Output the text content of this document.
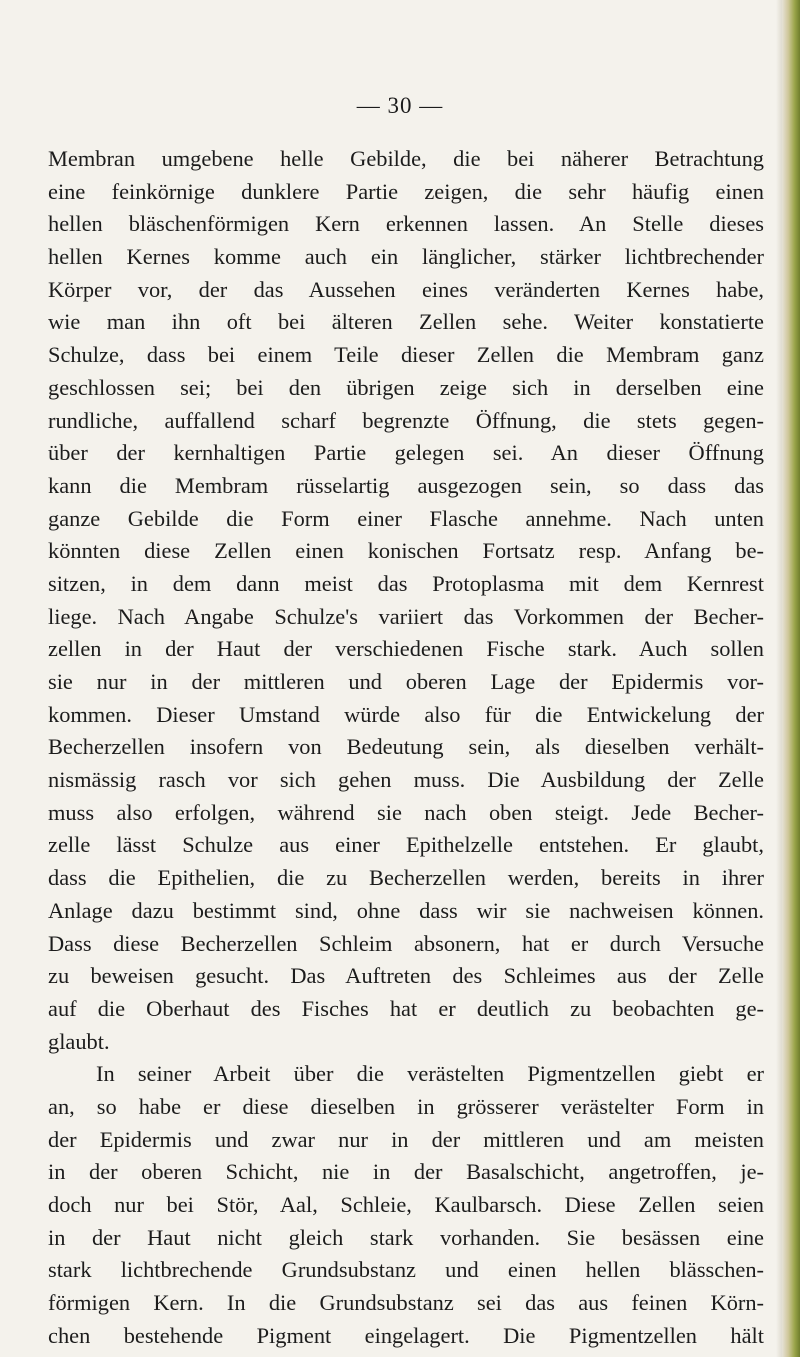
— 30 —
Membran umgebene helle Gebilde, die bei näherer Betrachtung
eine feinkörnige dunklere Partie zeigen, die sehr häufig einen
hellen bläschenförmigen Kern erkennen lassen. An Stelle dieses
hellen Kernes komme auch ein länglicher, stärker lichtbrechender
Körper vor, der das Aussehen eines veränderten Kernes habe,
wie man ihn oft bei älteren Zellen sehe. Weiter konstatierte
Schulze, dass bei einem Teile dieser Zellen die Membram ganz
geschlossen sei; bei den übrigen zeige sich in derselben eine
rundliche, auffallend scharf begrenzte Öffnung, die stets gegen-
über der kernhaltigen Partie gelegen sei. An dieser Öffnung
kann die Membram rüsselartig ausgezogen sein, so dass das
ganze Gebilde die Form einer Flasche annehme. Nach unten
könnten diese Zellen einen konischen Fortsatz resp. Anfang be-
sitzen, in dem dann meist das Protoplasma mit dem Kernrest
liege. Nach Angabe Schulze's variiert das Vorkommen der Becher-
zellen in der Haut der verschiedenen Fische stark. Auch sollen
sie nur in der mittleren und oberen Lage der Epidermis vor-
kommen. Dieser Umstand würde also für die Entwickelung der
Becherzellen insofern von Bedeutung sein, als dieselben verhält-
nismässig rasch vor sich gehen muss. Die Ausbildung der Zelle
muss also erfolgen, während sie nach oben steigt. Jede Becher-
zelle lässt Schulze aus einer Epithelzelle entstehen. Er glaubt,
dass die Epithelien, die zu Becherzellen werden, bereits in ihrer
Anlage dazu bestimmt sind, ohne dass wir sie nachweisen können.
Dass diese Becherzellen Schleim absonern, hat er durch Versuche
zu beweisen gesucht. Das Auftreten des Schleimes aus der Zelle
auf die Oberhaut des Fisches hat er deutlich zu beobachten ge-
glaubt.
In seiner Arbeit über die verästelten Pigmentzellen giebt er
an, so habe er diese dieselben in grösserer verästelter Form in
der Epidermis und zwar nur in der mittleren und am meisten
in der oberen Schicht, nie in der Basalschicht, angetroffen, je-
doch nur bei Stör, Aal, Schleie, Kaulbarsch. Diese Zellen seien
in der Haut nicht gleich stark vorhanden. Sie besässen eine
stark lichtbrechende Grundsubstanz und einen hellen blässchen-
förmigen Kern. In die Grundsubstanz sei das aus feinen Körn-
chen bestehende Pigment eingelagert. Die Pigmentzellen hält
